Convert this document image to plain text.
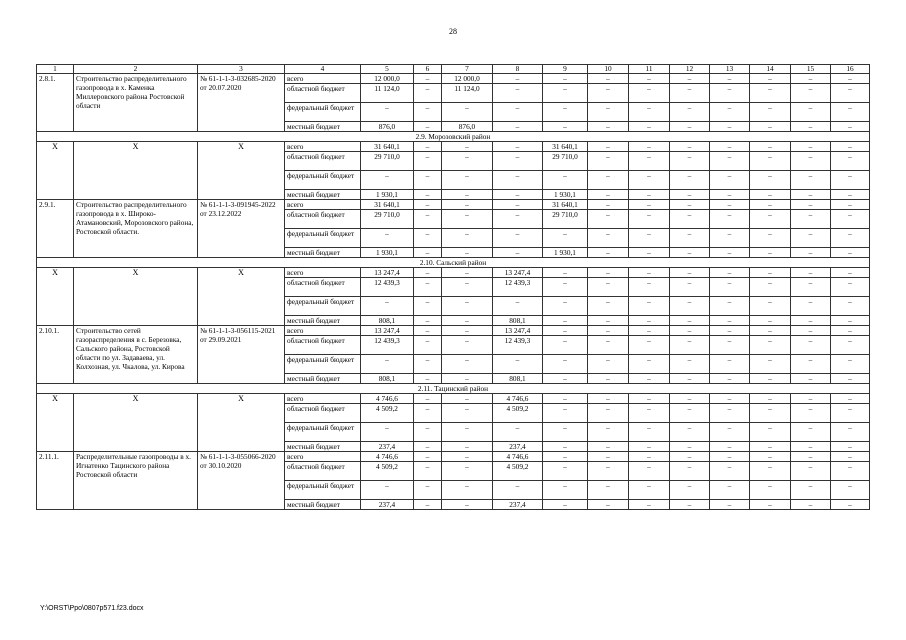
28
1	2	3	4	5	6	7	8	9	10	11	12	13	14	15	16
2.8.1.	Строительство распределительного газопровода в х. Каменка Миллеровского района Ростовской области	№ 61-1-1-3-032685-2020 от 20.07.2020	всего	12 000,0	–	12 000,0	–	–	–	–	–	–	–	–	–
			областной бюджет	11 124,0	–	11 124,0	–	–	–	–	–	–	–	–	–
			федеральный бюджет	–	–	–	–	–	–	–	–	–	–	–	–
			местный бюджет	876,0	–	876,0	–	–	–	–	–	–	–	–	–
2.9. Морозовский район															
Х	Х	Х	всего	31 640,1	–	–	–	31 640,1	–	–	–	–	–	–	–
			областной бюджет	29 710,0	–	–	–	29 710,0	–	–	–	–	–	–	–
			федеральный бюджет	–	–	–	–	–	–	–	–	–	–	–	–
			местный бюджет	1 930,1	–	–	–	1 930,1	–	–	–	–	–	–	–
2.9.1.	Строительство распределительного газопровода в х. Широко-Атамановский, Морозовского района, Ростовской области.	№ 61-1-1-3-091945-2022 от 23.12.2022	всего	31 640,1	–	–	–	31 640,1	–	–	–	–	–	–	–
			областной бюджет	29 710,0	–	–	–	29 710,0	–	–	–	–	–	–	–
			федеральный бюджет	–	–	–	–	–	–	–	–	–	–	–	–
			местный бюджет	1 930,1	–	–	–	1 930,1	–	–	–	–	–	–	–
2.10. Сальский район															
Х	Х	Х	всего	13 247,4	–	–	13 247,4	–	–	–	–	–	–	–	–
			областной бюджет	12 439,3	–	–	12 439,3	–	–	–	–	–	–	–	–
			федеральный бюджет	–	–	–	–	–	–	–	–	–	–	–	–
			местный бюджет	808,1	–	–	808,1	–	–	–	–	–	–	–	–
2.10.1.	Строительство сетей газораспределения в с. Березовка, Сальского района, Ростовской области по ул. Задаваева, ул. Колхозная, ул. Чкалова, ул. Кирова	№ 61-1-1-3-056115-2021 от 29.09.2021	всего	13 247,4	–	–	13 247,4	–	–	–	–	–	–	–	–
			областной бюджет	12 439,3	–	–	12 439,3	–	–	–	–	–	–	–	–
			федеральный бюджет	–	–	–	–	–	–	–	–	–	–	–	–
			местный бюджет	808,1	–	–	808,1	–	–	–	–	–	–	–	–
2.11. Тацинский район															
Х	Х	Х	всего	4 746,6	–	–	4 746,6	–	–	–	–	–	–	–	–
			областной бюджет	4 509,2	–	–	4 509,2	–	–	–	–	–	–	–	–
			федеральный бюджет	–	–	–	–	–	–	–	–	–	–	–	–
			местный бюджет	237,4	–	–	237,4	–	–	–	–	–	–	–	–
2.11.1.	Распределительные газопроводы в х. Игнатенко Тацинского района Ростовской области	№ 61-1-1-3-055066-2020 от 30.10.2020	всего	4 746,6	–	–	4 746,6	–	–	–	–	–	–	–	–
			областной бюджет	4 509,2	–	–	4 509,2	–	–	–	–	–	–	–	–
			федеральный бюджет	–	–	–	–	–	–	–	–	–	–	–	–
			местный бюджет	237,4	–	–	237,4	–	–	–	–	–	–	–	–
Y:\ORST\Ppo\0807p571.f23.docx
